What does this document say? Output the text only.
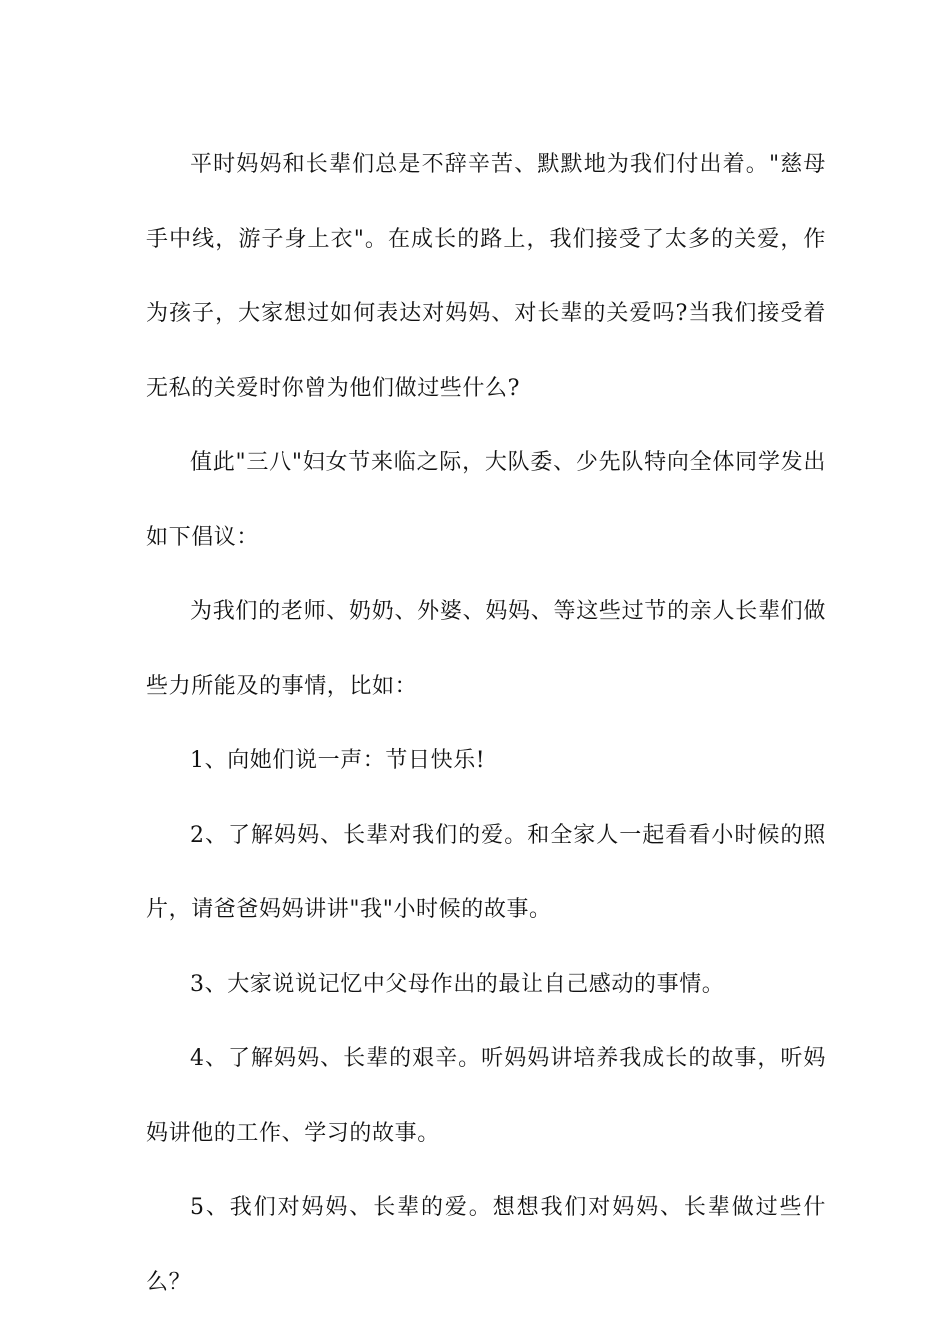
平时妈妈和长辈们总是不辞辛苦、默默地为我们付出着。"慈母手中线，游子身上衣"。在成长的路上，我们接受了太多的关爱，作为孩子，大家想过如何表达对妈妈、对长辈的关爱吗?当我们接受着无私的关爱时你曾为他们做过些什么?

值此"三八"妇女节来临之际，大队委、少先队特向全体同学发出如下倡议：

为我们的老师、奶奶、外婆、妈妈、等这些过节的亲人长辈们做些力所能及的事情，比如：

1、向她们说一声：节日快乐!

2、了解妈妈、长辈对我们的爱。和全家人一起看看小时候的照片，请爸爸妈妈讲讲"我"小时候的故事。

3、大家说说记忆中父母作出的最让自己感动的事情。

4、了解妈妈、长辈的艰辛。听妈妈讲培养我成长的故事，听妈妈讲他的工作、学习的故事。

5、我们对妈妈、长辈的爱。想想我们对妈妈、长辈做过些什么？
